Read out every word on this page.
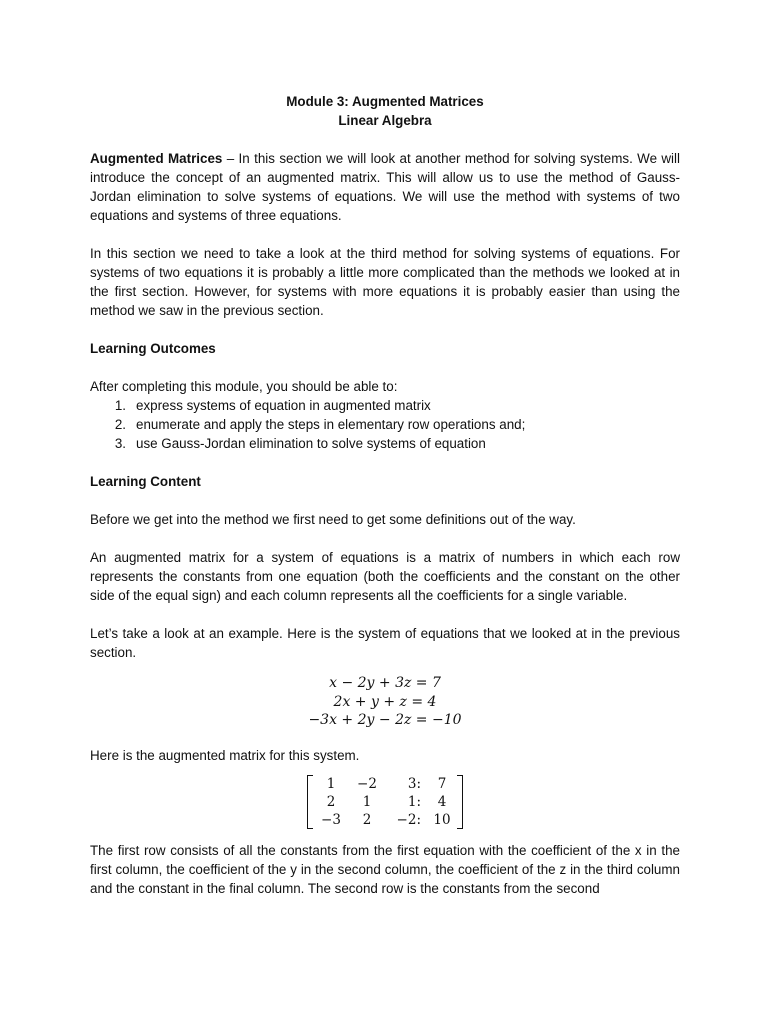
Module 3: Augmented Matrices
Linear Algebra

Augmented Matrices – In this section we will look at another method for solving systems. We will introduce the concept of an augmented matrix. This will allow us to use the method of Gauss-Jordan elimination to solve systems of equations. We will use the method with systems of two equations and systems of three equations.

In this section we need to take a look at the third method for solving systems of equations. For systems of two equations it is probably a little more complicated than the methods we looked at in the first section. However, for systems with more equations it is probably easier than using the method we saw in the previous section.

Learning Outcomes
After completing this module, you should be able to:
1. express systems of equation in augmented matrix
2. enumerate and apply the steps in elementary row operations and;
3. use Gauss-Jordan elimination to solve systems of equation
Learning Content

Before we get into the method we first need to get some definitions out of the way.

An augmented matrix for a system of equations is a matrix of numbers in which each row represents the constants from one equation (both the coefficients and the constant on the other side of the equal sign) and each column represents all the coefficients for a single variable.

Let’s take a look at an example. Here is the system of equations that we looked at in the previous section.

x − 2y + 3z = 7
2x + y + z = 4
−3x + 2y − 2z = −10

Here is the augmented matrix for this system.

1	−2	3:	7
2	1	1:	4
−3	2	−2: 10

The first row consists of all the constants from the first equation with the coefficient of the x in the first column, the coefficient of the y in the second column, the coefficient of the z in the third column and the constant in the final column. The second row is the constants from the second
